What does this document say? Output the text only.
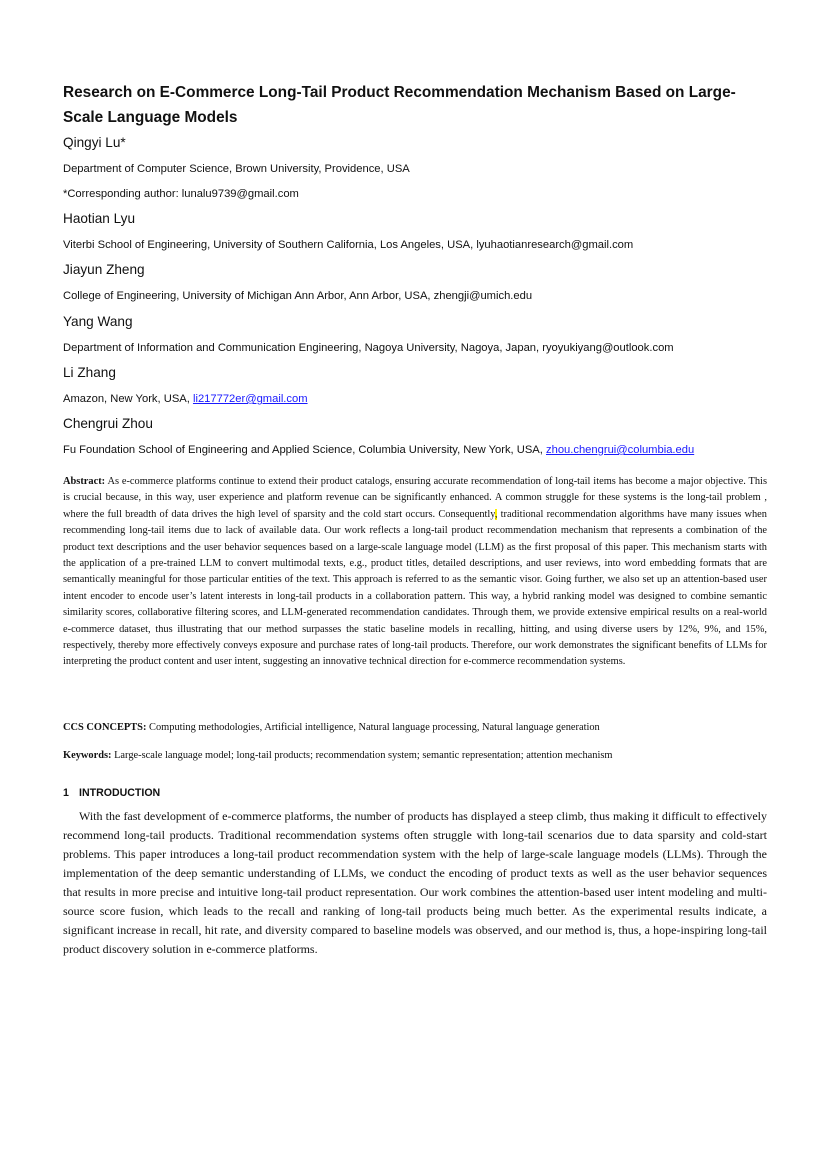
Research on E-Commerce Long-Tail Product Recommendation Mechanism Based on Large-Scale Language Models
Qingyi Lu*
Department of Computer Science, Brown University, Providence, USA
*Corresponding author: lunalu9739@gmail.com
Haotian Lyu
Viterbi School of Engineering, University of Southern California, Los Angeles, USA, lyuhaotianresearch@gmail.com
Jiayun Zheng
College of Engineering, University of Michigan Ann Arbor, Ann Arbor, USA, zhengji@umich.edu
Yang Wang
Department of Information and Communication Engineering, Nagoya University, Nagoya, Japan, ryoyukiyang@outlook.com
Li Zhang
Amazon, New York, USA, li217772er@gmail.com
Chengrui Zhou
Fu Foundation School of Engineering and Applied Science, Columbia University, New York, USA, zhou.chengrui@columbia.edu
Abstract: As e-commerce platforms continue to extend their product catalogs, ensuring accurate recommendation of long-tail items has become a major objective. This is crucial because, in this way, user experience and platform revenue can be significantly enhanced. A common struggle for these systems is the long-tail problem , where the full breadth of data drives the high level of sparsity and the cold start occurs. Consequently, traditional recommendation algorithms have many issues when recommending long-tail items due to lack of available data. Our work reflects a long-tail product recommendation mechanism that represents a combination of the product text descriptions and the user behavior sequences based on a large-scale language model (LLM) as the first proposal of this paper. This mechanism starts with the application of a pre-trained LLM to convert multimodal texts, e.g., product titles, detailed descriptions, and user reviews, into word embedding formats that are semantically meaningful for those particular entities of the text. This approach is referred to as the semantic visor. Going further, we also set up an attention-based user intent encoder to encode user’s latent interests in long-tail products in a collaboration pattern. This way, a hybrid ranking model was designed to combine semantic similarity scores, collaborative filtering scores, and LLM-generated recommendation candidates. Through them, we provide extensive empirical results on a real-world e-commerce dataset, thus illustrating that our method surpasses the static baseline models in recalling, hitting, and using diverse users by 12%, 9%, and 15%, respectively, thereby more effectively conveys exposure and purchase rates of long-tail products. Therefore, our work demonstrates the significant benefits of LLMs for interpreting the product content and user intent, suggesting an innovative technical direction for e-commerce recommendation systems.
CCS CONCEPTS: Computing methodologies, Artificial intelligence, Natural language processing, Natural language generation
Keywords: Large-scale language model; long-tail products; recommendation system; semantic representation; attention mechanism
1 INTRODUCTION
With the fast development of e-commerce platforms, the number of products has displayed a steep climb, thus making it difficult to effectively recommend long-tail products. Traditional recommendation systems often struggle with long-tail scenarios due to data sparsity and cold-start problems. This paper introduces a long-tail product recommendation system with the help of large-scale language models (LLMs). Through the implementation of the deep semantic understanding of LLMs, we conduct the encoding of product texts as well as the user behavior sequences that results in more precise and intuitive long-tail product representation. Our work combines the attention-based user intent modeling and multi-source score fusion, which leads to the recall and ranking of long-tail products being much better. As the experimental results indicate, a significant increase in recall, hit rate, and diversity compared to baseline models was observed, and our method is, thus, a hope-inspiring long-tail product discovery solution in e-commerce platforms.
